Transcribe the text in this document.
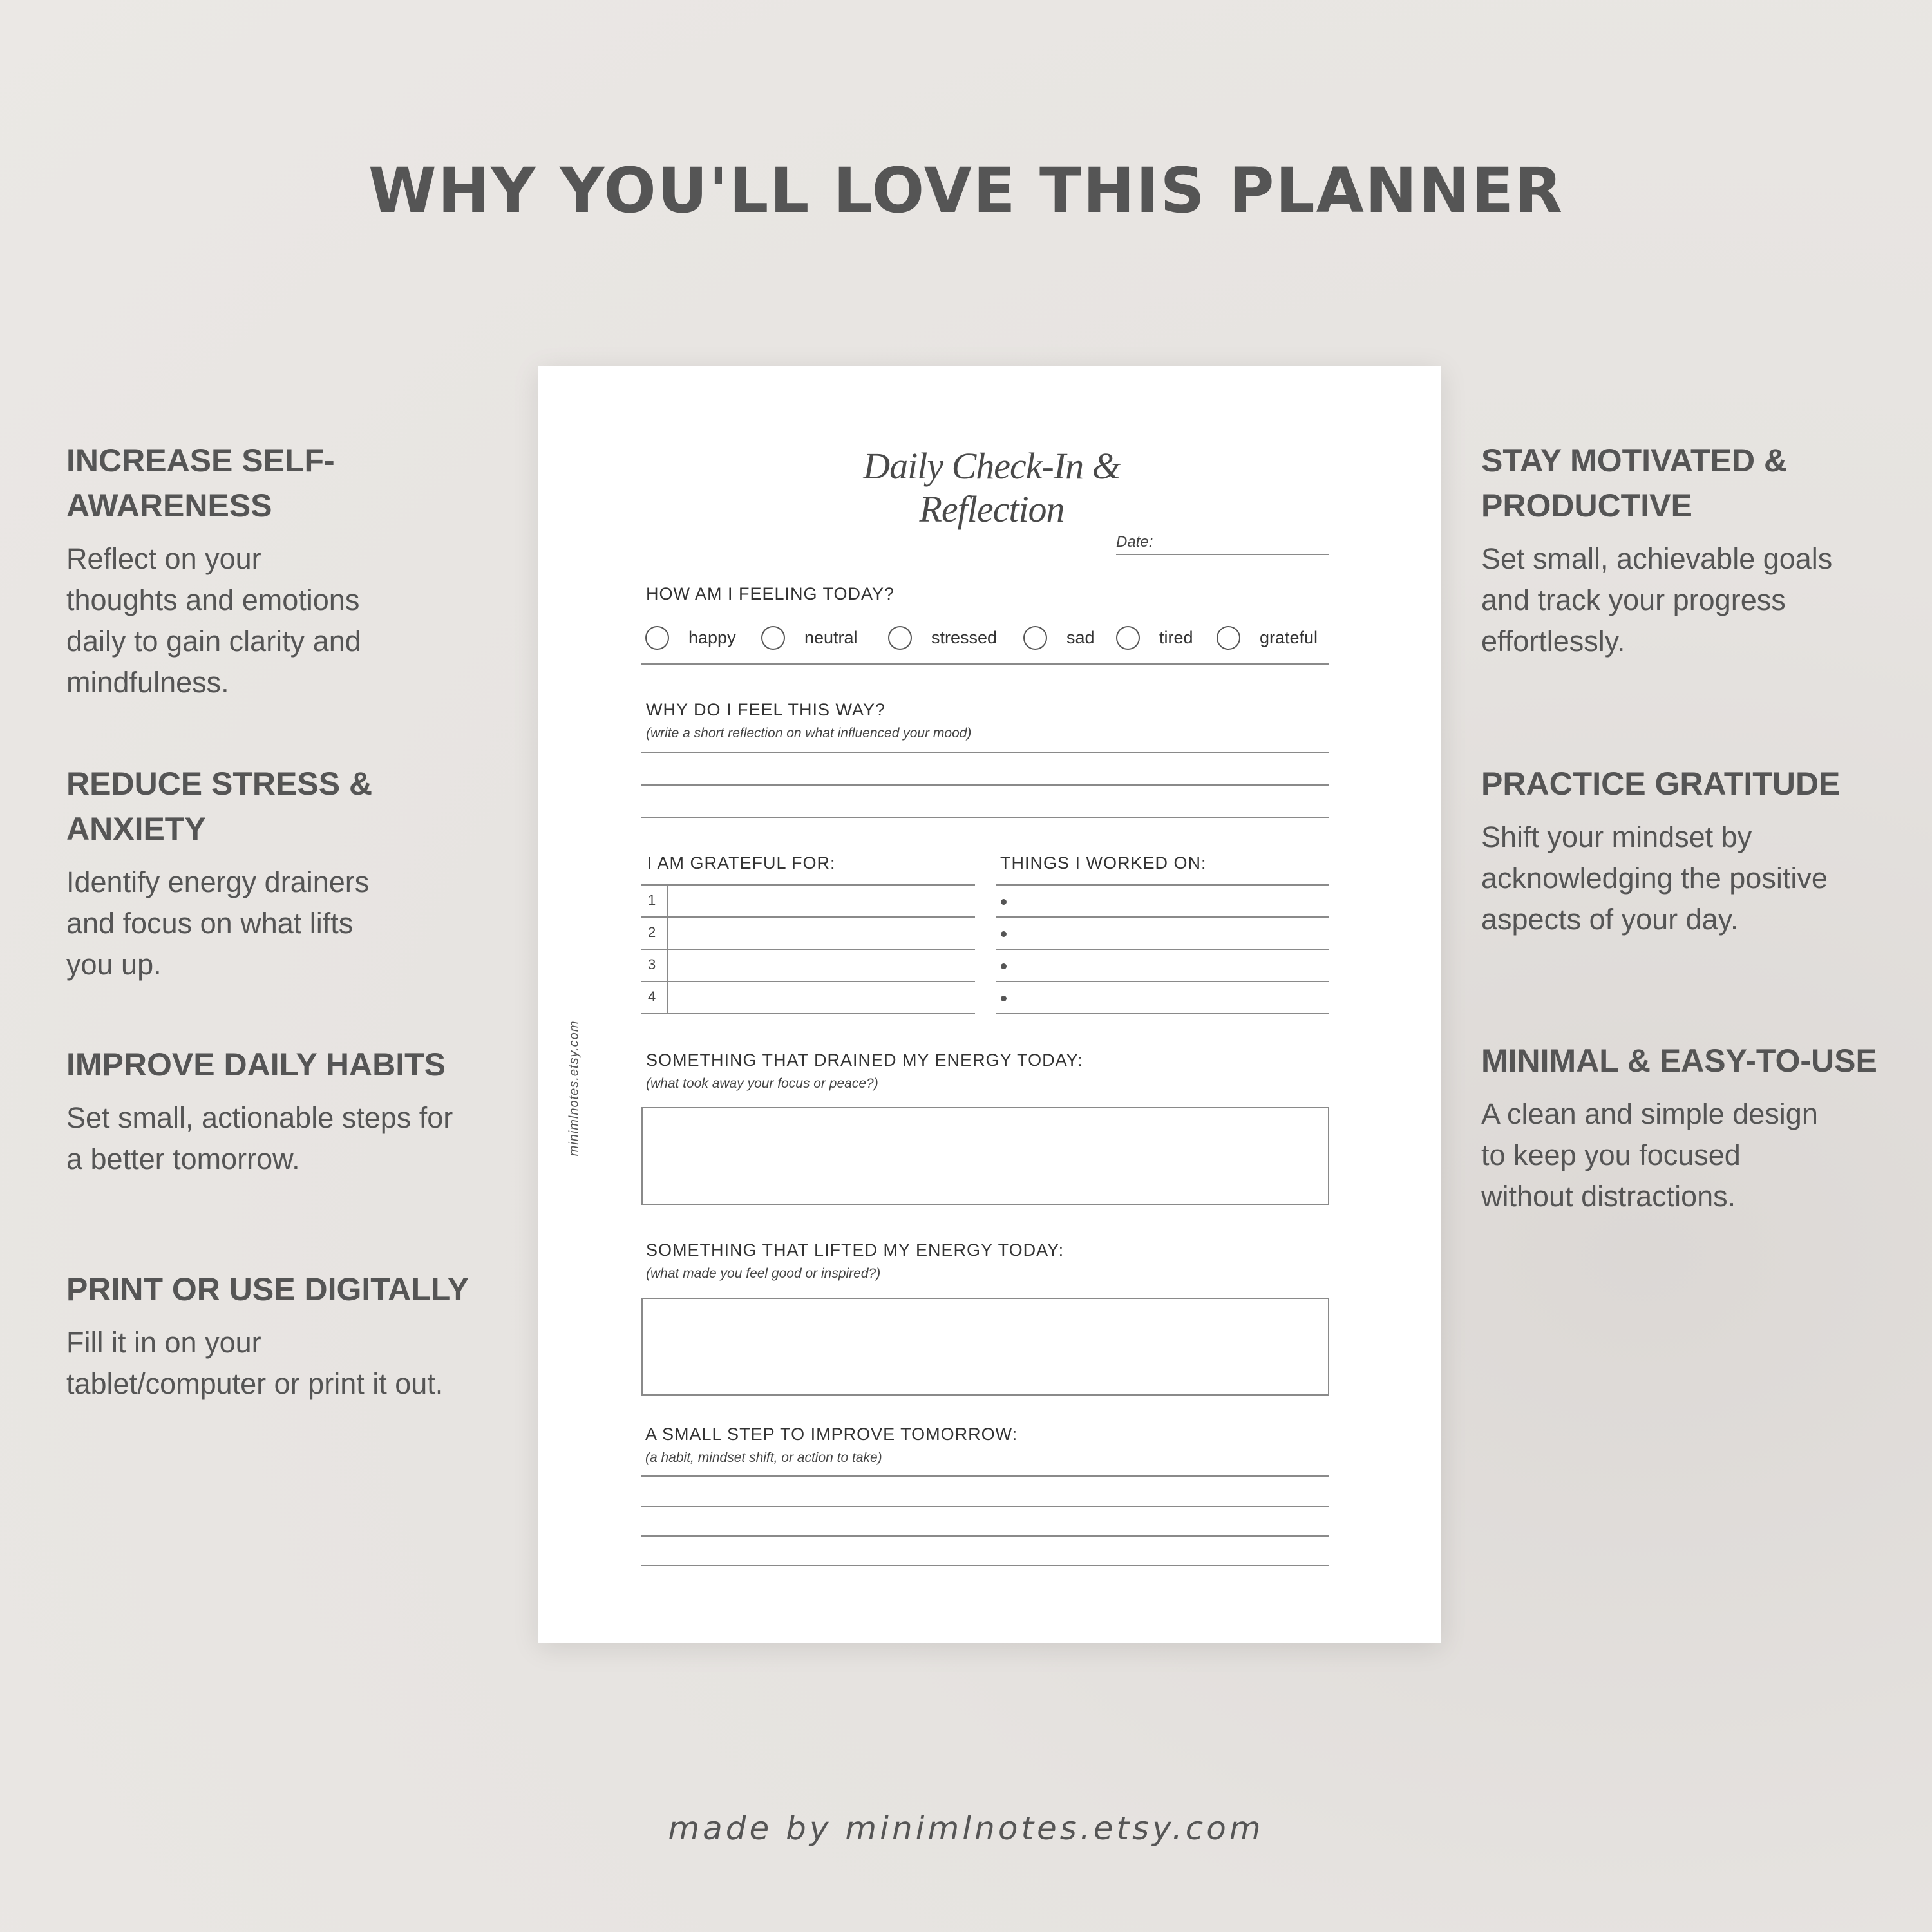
WHY YOU'LL LOVE THIS PLANNER
INCREASE SELF-
AWARENESS

Reflect on your
thoughts and emotions
daily to gain clarity and
mindfulness.

REDUCE STRESS &
ANXIETY

Identify energy drainers
and focus on what lifts
you up.

IMPROVE DAILY HABITS

Set small, actionable steps for
a better tomorrow.

PRINT OR USE DIGITALLY

Fill it in on your
tablet/computer or print it out.

STAY MOTIVATED &
PRODUCTIVE

Set small, achievable goals
and track your progress
effortlessly.

PRACTICE GRATITUDE

Shift your mindset by
acknowledging the positive
aspects of your day.

MINIMAL & EASY-TO-USE

A clean and simple design
to keep you focused
without distractions.

minimlnotes.etsy.com
Daily Check-In & Reflection
Date:
HOW AM I FEELING TODAY?
happy	neutral	stressed	sad	tired	grateful
WHY DO I FEEL THIS WAY?
(write a short reflection on what influenced your mood)
I AM GRATEFUL FOR:	THINGS I WORKED ON:
1
2
3
4
SOMETHING THAT DRAINED MY ENERGY TODAY:
(what took away your focus or peace?)
SOMETHING THAT LIFTED MY ENERGY TODAY:
(what made you feel good or inspired?)
A SMALL STEP TO IMPROVE TOMORROW:
(a habit, mindset shift, or action to take)
made by minimlnotes.etsy.com
